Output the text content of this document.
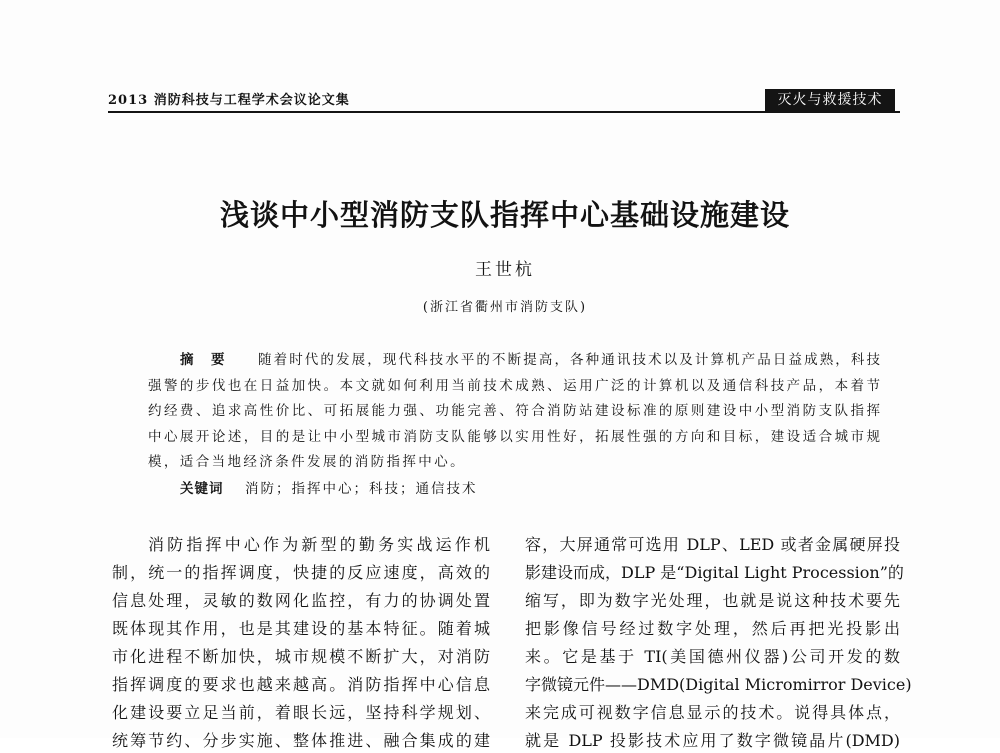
2013 消防科技与工程学术会议论文集	灭火与救援技术
浅谈中小型消防支队指挥中心基础设施建设
王世杭
(浙江省衢州市消防支队)
摘　要 随着时代的发展，现代科技水平的不断提高，各种通讯技术以及计算机产品日益成熟，科技
强警的步伐也在日益加快。本文就如何利用当前技术成熟、运用广泛的计算机以及通信科技产品，本着节
约经费、追求高性价比、可拓展能力强、功能完善、符合消防站建设标准的原则建设中小型消防支队指挥
中心展开论述，目的是让中小型城市消防支队能够以实用性好，拓展性强的方向和目标，建设适合城市规
模，适合当地经济条件发展的消防指挥中心。
关键词 消防；指挥中心；科技；通信技术
消防指挥中心作为新型的勤务实战运作机
制，统一的指挥调度，快捷的反应速度，高效的
信息处理，灵敏的数网化监控，有力的协调处置
既体现其作用，也是其建设的基本特征。随着城
市化进程不断加快，城市规模不断扩大，对消防
指挥调度的要求也越来越高。消防指挥中心信息
化建设要立足当前，着眼长远，坚持科学规划、
统筹节约、分步实施、整体推进、融合集成的建
容，大屏通常可选用 DLP、LED 或者金属硬屏投
影建设而成，DLP 是“Digital Light Procession”的
缩写，即为数字光处理，也就是说这种技术要先
把影像信号经过数字处理，然后再把光投影出
来。它是基于 TI(美国德州仪器)公司开发的数
字微镜元件——DMD(Digital Micromirror Device)
来完成可视数字信息显示的技术。说得具体点，
就是 DLP 投影技术应用了数字微镜晶片(DMD)
